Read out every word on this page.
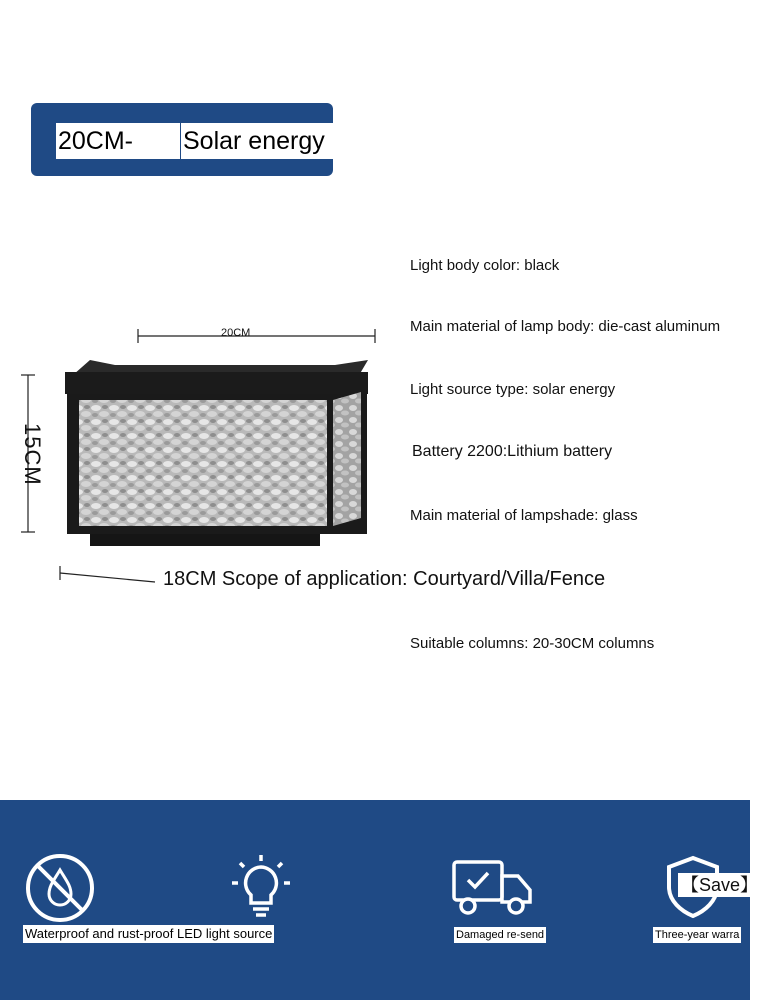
20CM-	Solar energy
Light body color: black
Main material of lamp body: die-cast aluminum
Light source type: solar energy
Battery 2200:Lithium battery
Main material of lampshade: glass
Suitable columns: 20-30CM columns
18CM Scope of application: Courtyard/Villa/Fence
20CM
15CM
Waterproof and rust-proof LED light source	Damaged re-send
【Save】
Three-year warra
